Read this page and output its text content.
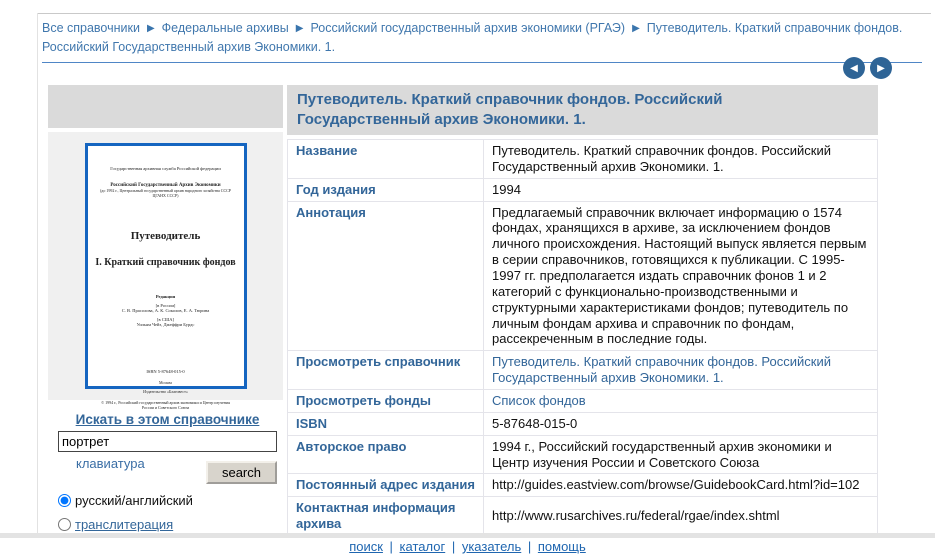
Все справочники ▶ Федеральные архивы ▶ Российский государственный архив экономики (РГАЭ) ▶ Путеводитель. Краткий справочник фондов. Российский Государственный архив Экономики. 1.
◀ ▶
Государственная архивная служба Российской федерации
Российский Государственный Архив Экономики
(до 1992 г., Центральный государственный архив народного хозяйства СССР
ЦГАНХ СССР)
Путеводитель
I. Краткий справочник фондов
Редакция
[в России]
С. В. Прасолова, А. К. Соколов, Е. А. Тюрина
[в США]
Уильям Чейз, Джеффри Бурдс
ISBN 5-87648-015-0
Москва
Издательство «Благовест»
© 1994 г., Российский государственный архив экономики и Центр изучения России и Советского Союза
Искать в этом справочнике
портрет
клавиатура
search
русский/английский
транслитерация
Путеводитель. Краткий справочник фондов. Российский Государственный архив Экономики. 1.
Название	Путеводитель. Краткий справочник фондов. Российский Государственный архив Экономики. 1.
Год издания	1994
Аннотация	Предлагаемый справочник включает информацию о 1574 фондах, хранящихся в архиве, за исключением фондов личного происхождения. Настоящий выпуск является первым в серии справочников, готовящихся к публикации. С 1995-1997 гг. предполагается издать справочник фонов 1 и 2 категорий с функционально-производственными и структурными характеристиками фондов; путеводитель по личным фондам архива и справочник по фондам, рассекреченным в последние годы.
Просмотреть справочник	Путеводитель. Краткий справочник фондов. Российский Государственный архив Экономики. 1.
Просмотреть фонды	Список фондов
ISBN	5-87648-015-0
Авторское право	1994 г., Российский государственный архив экономики и Центр изучения России и Советского Союза
Постоянный адрес издания	http://guides.eastview.com/browse/GuidebookCard.html?id=102
Контактная информация архива	http://www.rusarchives.ru/federal/rgae/index.shtml
поиск | каталог | указатель | помощь
